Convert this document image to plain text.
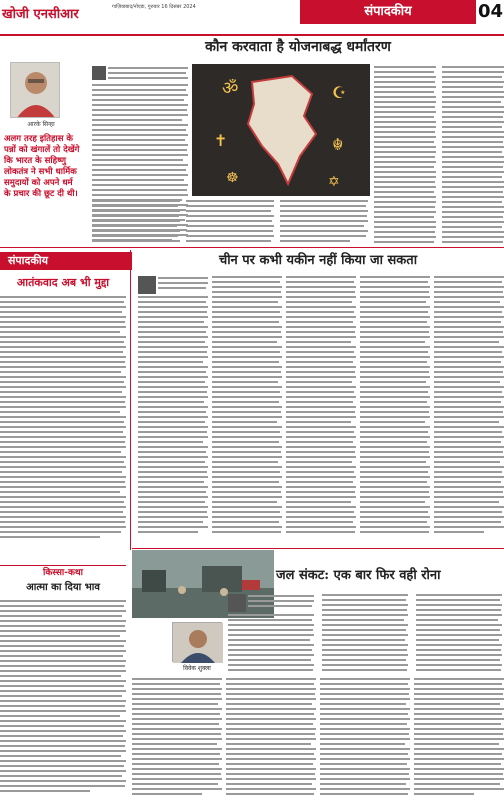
खोजी एनसीआर	गाज़ियाबाद/नोएडा, गुरुवार 16 दिसंबर 2024	संपादकीय	04
कौन करवाता है योजनाबद्ध धर्मांतरण
आरके सिन्हा
अलग तरह इतिहास के पन्नों को खंगालें तो देखेंगे कि भारत के सहिष्णु लोकतंत्र ने सभी धार्मिक समुदायों को अपने धर्म के प्रचार की छूट दी थी।
ॐ	☪
✝	☬
☸	✡
संपादकीय
आतंकवाद अब भी मुद्दा
चीन पर कभी यकीन नहीं किया जा सकता
किस्सा-कथा
आत्मा का दिया भाव
जल संकट: एक बार फिर वही रोना
विवेक शुक्ला
